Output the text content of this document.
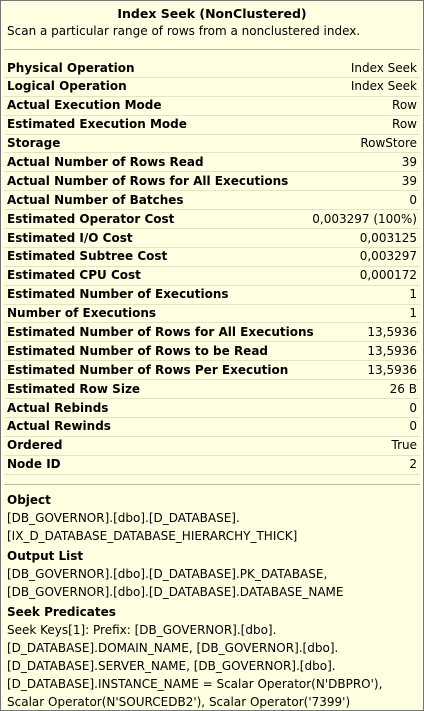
Index Seek (NonClustered)
Scan a particular range of rows from a nonclustered index.
Physical Operation	Index Seek
Logical Operation	Index Seek
Actual Execution Mode	Row
Estimated Execution Mode	Row
Storage	RowStore
Actual Number of Rows Read	39
Actual Number of Rows for All Executions	39
Actual Number of Batches	0
Estimated Operator Cost	0,003297 (100%)
Estimated I/O Cost	0,003125
Estimated Subtree Cost	0,003297
Estimated CPU Cost	0,000172
Estimated Number of Executions	1
Number of Executions	1
Estimated Number of Rows for All Executions	13,5936
Estimated Number of Rows to be Read	13,5936
Estimated Number of Rows Per Execution	13,5936
Estimated Row Size	26 B
Actual Rebinds	0
Actual Rewinds	0
Ordered	True
Node ID	2
Object
[DB_GOVERNOR].[dbo].[D_DATABASE].
[IX_D_DATABASE_DATABASE_HIERARCHY_THICK]
Output List
[DB_GOVERNOR].[dbo].[D_DATABASE].PK_DATABASE,
[DB_GOVERNOR].[dbo].[D_DATABASE].DATABASE_NAME
Seek Predicates
Seek Keys[1]: Prefix: [DB_GOVERNOR].[dbo].
[D_DATABASE].DOMAIN_NAME, [DB_GOVERNOR].[dbo].
[D_DATABASE].SERVER_NAME, [DB_GOVERNOR].[dbo].
[D_DATABASE].INSTANCE_NAME = Scalar Operator(N'DBPRO'),
Scalar Operator(N'SOURCEDB2'), Scalar Operator('7399')
